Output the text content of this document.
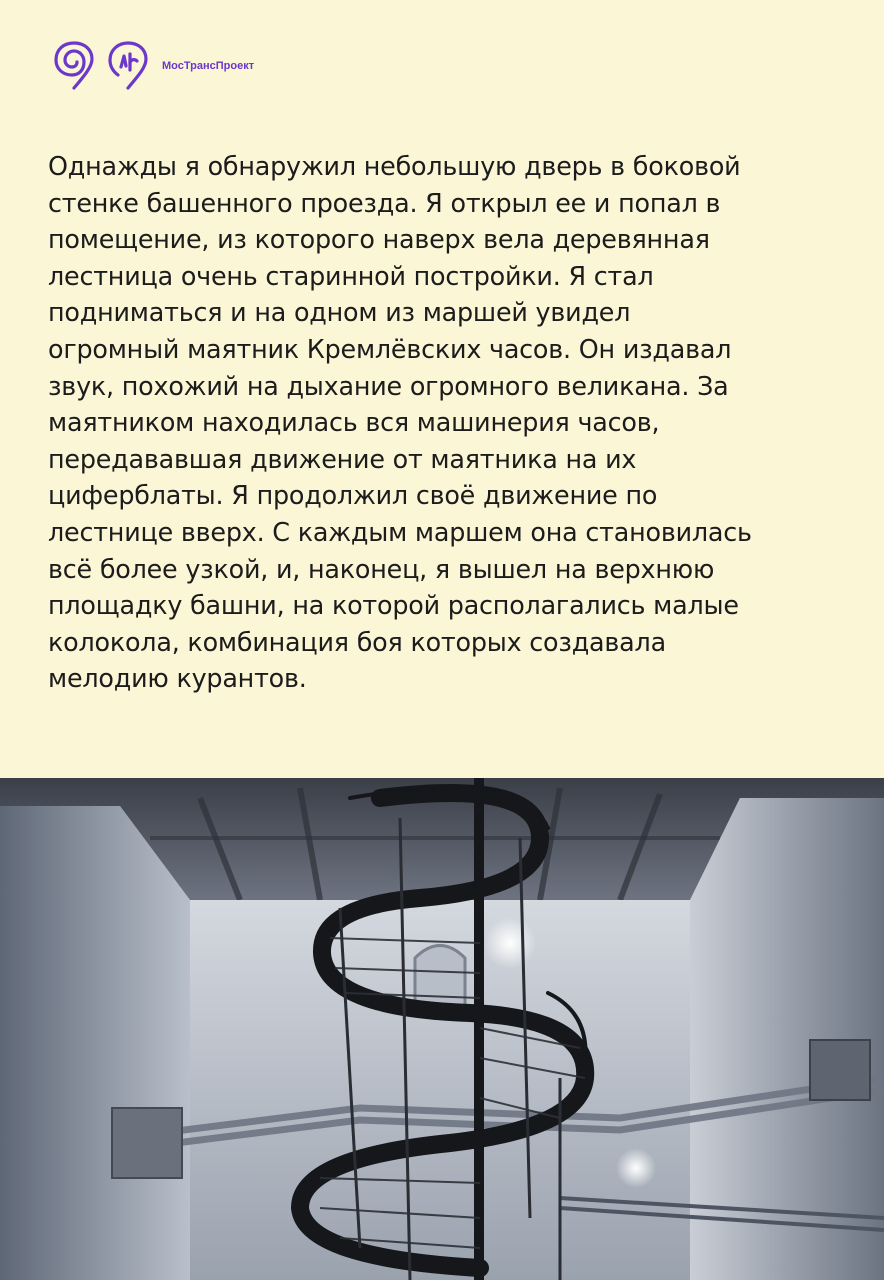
МосТрансПроект
Однажды я обнаружил небольшую дверь в боковой
стенке башенного проезда. Я открыл ее и попал в
помещение, из которого наверх вела деревянная
лестница очень старинной постройки. Я стал
подниматься и на одном из маршей увидел
огромный маятник Кремлёвских часов. Он издавал
звук, похожий на дыхание огромного великана. За
маятником находилась вся машинерия часов,
передававшая движение от маятника на их
циферблаты. Я продолжил своё движение по
лестнице вверх. С каждым маршем она становилась
всё более узкой, и, наконец, я вышел на верхнюю
площадку башни, на которой располагались малые
колокола, комбинация боя которых создавала
мелодию курантов.
